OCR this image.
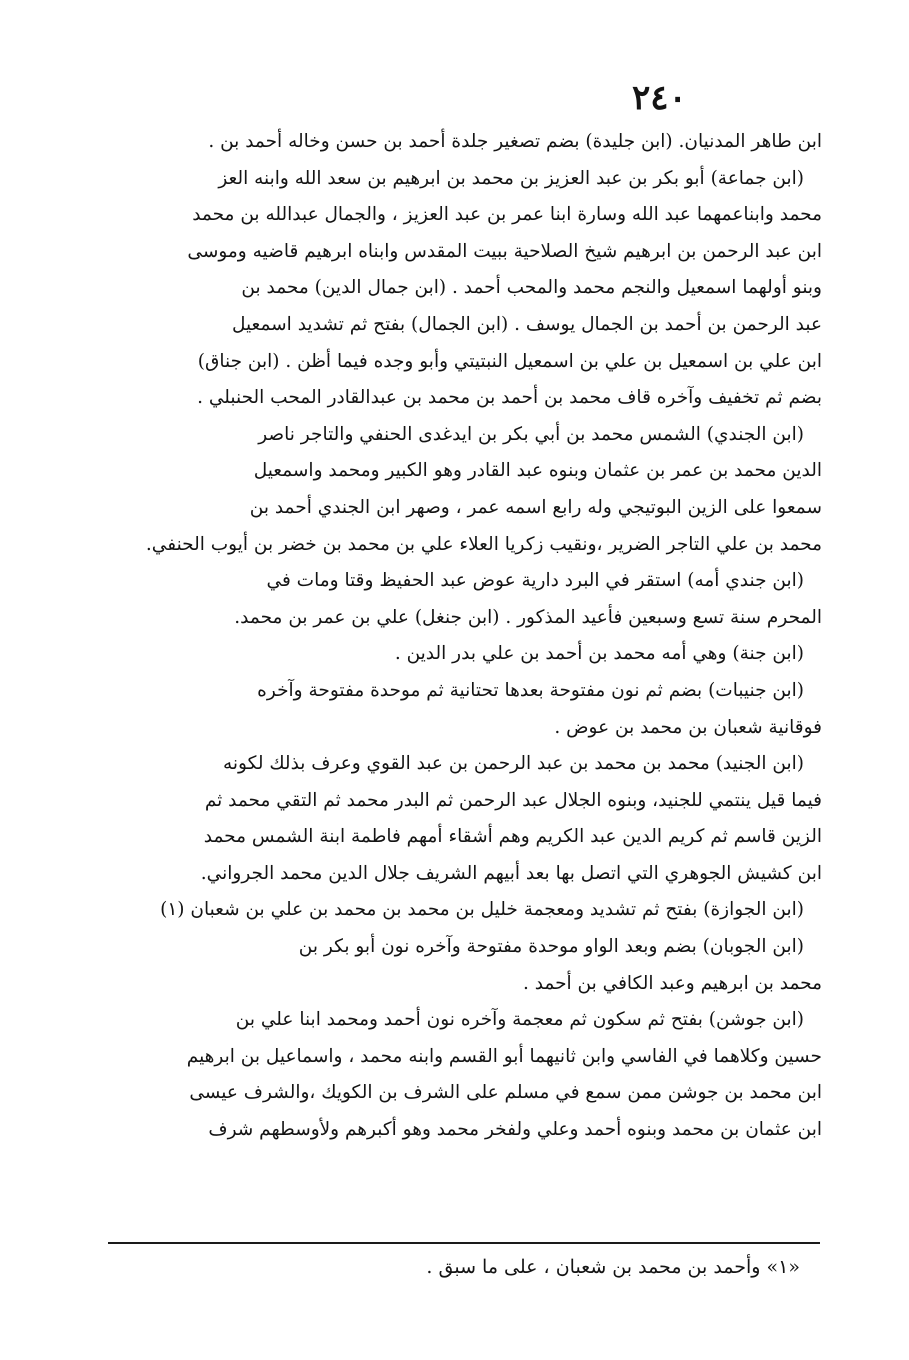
٢٤٠
ابن طاهر المدنيان. (ابن جليدة) بضم تصغير جلدة أحمد بن حسن وخاله أحمد بن .
(ابن جماعة) أبو بكر بن عبد العزيز بن محمد بن ابرهيم بن سعد الله وابنه العز
محمد وابناعمهما عبد الله وسارة ابنا عمر بن عبد العزيز ، والجمال عبدالله بن محمد
ابن عبد الرحمن بن ابرهيم شيخ الصلاحية ببيت المقدس وابناه ابرهيم قاضيه وموسى
وبنو أولهما اسمعيل والنجم محمد والمحب أحمد . (ابن جمال الدين) محمد بن
عبد الرحمن بن أحمد بن الجمال يوسف . (ابن الجمال) بفتح ثم تشديد اسمعيل
ابن علي بن اسمعيل بن علي بن اسمعيل النبتيتي وأبو وجده فيما أظن . (ابن جناق)
بضم ثم تخفيف وآخره قاف محمد بن أحمد بن محمد بن عبدالقادر المحب الحنبلي .
(ابن الجندي) الشمس محمد بن أبي بكر بن ايدغدى الحنفي والتاجر ناصر
الدين محمد بن عمر بن عثمان وبنوه عبد القادر وهو الكبير ومحمد واسمعيل
سمعوا على الزين البوتيجي وله رابع اسمه عمر ، وصهر ابن الجندي أحمد بن
محمد بن علي التاجر الضرير ،ونقيب زكريا العلاء علي بن محمد بن خضر بن أيوب الحنفي.
(ابن جندي أمه) استقر في البرد دارية عوض عبد الحفيظ وقتا ومات في
المحرم سنة تسع وسبعين فأعيد المذكور . (ابن جنغل) علي بن عمر بن محمد.
(ابن جنة) وهي أمه محمد بن أحمد بن علي بدر الدين .
(ابن جنيبات) بضم ثم نون مفتوحة بعدها تحتانية ثم موحدة مفتوحة وآخره
فوقانية شعبان بن محمد بن عوض .
(ابن الجنيد) محمد بن محمد بن عبد الرحمن بن عبد القوي وعرف بذلك لكونه
فيما قيل ينتمي للجنيد، وبنوه الجلال عبد الرحمن ثم البدر محمد ثم التقي محمد ثم
الزين قاسم ثم كريم الدين عبد الكريم وهم أشقاء أمهم فاطمة ابنة الشمس محمد
ابن كشيش الجوهري التي اتصل بها بعد أبيهم الشريف جلال الدين محمد الجرواني.
(ابن الجوازة) بفتح ثم تشديد ومعجمة خليل بن محمد بن محمد بن علي بن شعبان (١)
(ابن الجوبان) بضم وبعد الواو موحدة مفتوحة وآخره نون أبو بكر بن
محمد بن ابرهيم وعبد الكافي بن أحمد .
(ابن جوشن) بفتح ثم سكون ثم معجمة وآخره نون أحمد ومحمد ابنا علي بن
حسين وكلاهما في الفاسي وابن ثانيهما أبو القسم وابنه محمد ، واسماعيل بن ابرهيم
ابن محمد بن جوشن ممن سمع في مسلم على الشرف بن الكويك ،والشرف عيسى
ابن عثمان بن محمد وبنوه أحمد وعلي ولفخر محمد وهو أكبرهم ولأوسطهم شرف
«١» وأحمد بن محمد بن شعبان ، على ما سبق .
